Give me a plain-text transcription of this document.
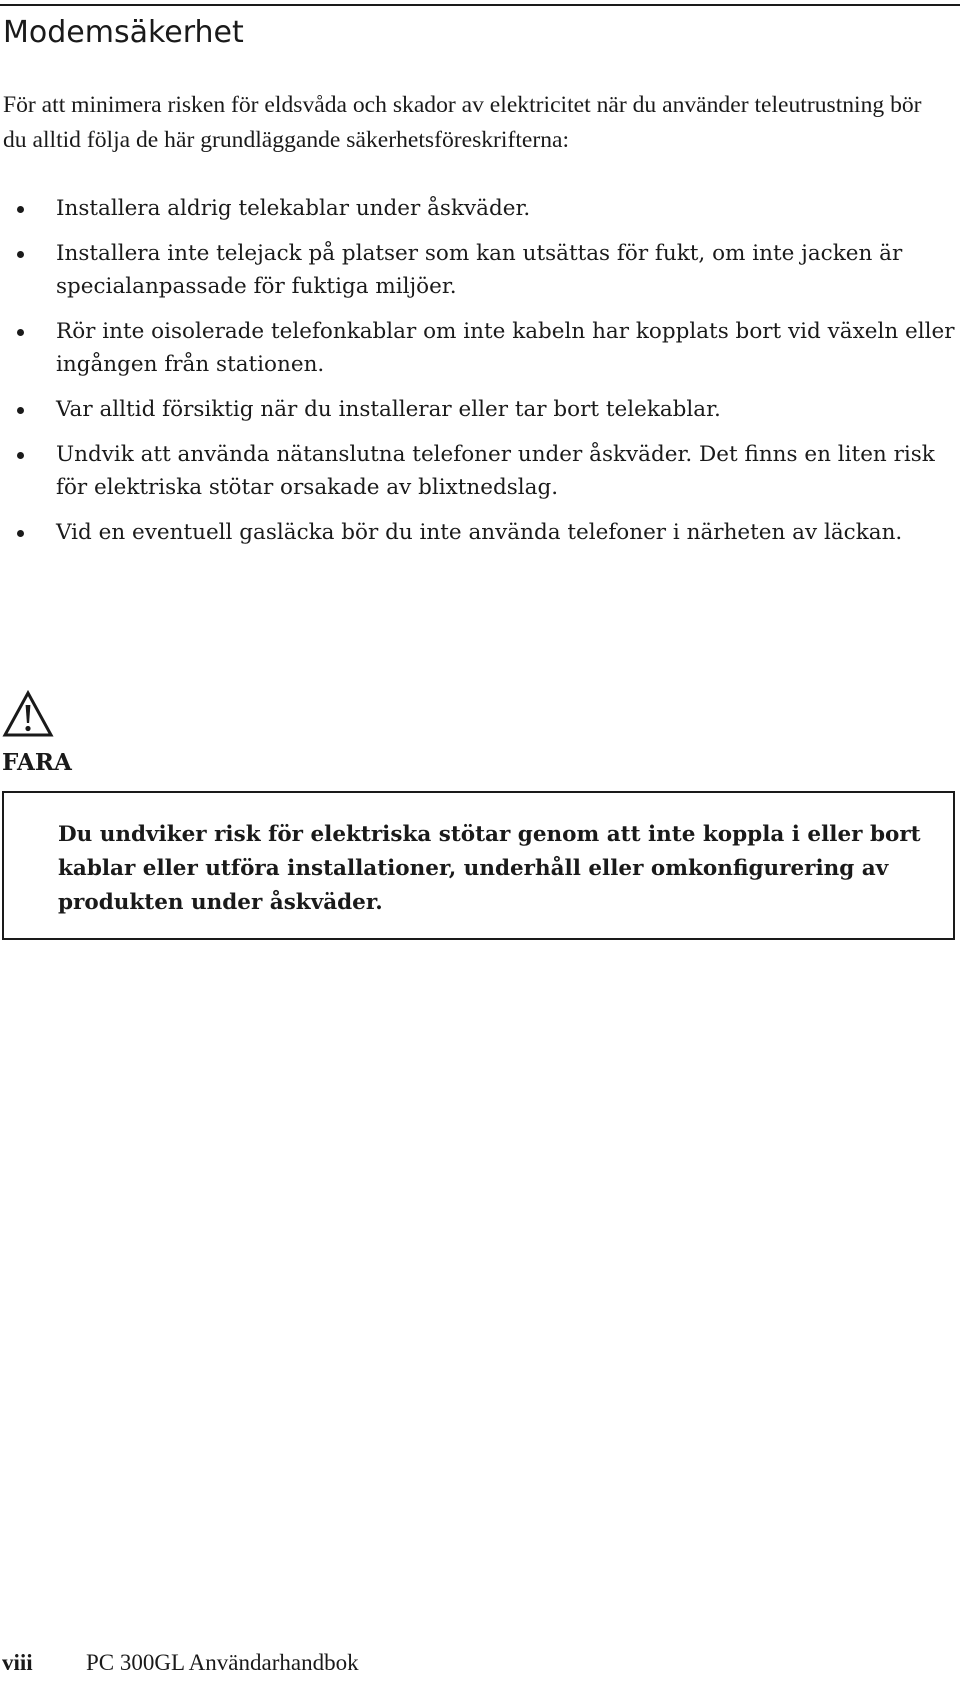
Modemsäkerhet

För att minimera risken för eldsvåda och skador av elektricitet när du använder teleutrustning bör du alltid följa de här grundläggande säkerhetsföreskrifterna:

Installera aldrig telekablar under åskväder.
Installera inte telejack på platser som kan utsättas för fukt, om inte jacken är specialanpassade för fuktiga miljöer.
Rör inte oisolerade telefonkablar om inte kabeln har kopplats bort vid växeln eller ingången från stationen.
Var alltid försiktig när du installerar eller tar bort telekablar.
Undvik att använda nätanslutna telefoner under åskväder. Det finns en liten risk för elektriska stötar orsakade av blixtnedslag.
Vid en eventuell gasläcka bör du inte använda telefoner i närheten av läckan.
FARA
Du undviker risk för elektriska stötar genom att inte koppla i eller bort kablar eller utföra installationer, underhåll eller omkonfigurering av produkten under åskväder.
viii PC 300GL Användarhandbok
